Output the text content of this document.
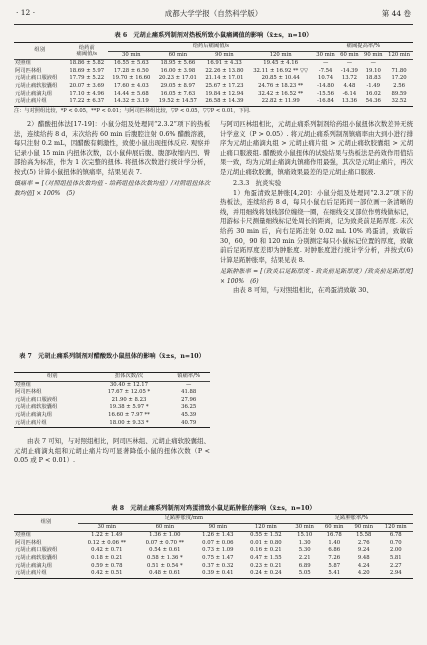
· 12 ·	成都大学学报（自然科学版）	第 44 卷
表 6　元胡止痛系列制剂对热板所致小鼠痛阈值的影响（x̄±s，n=10）
组别	给药前
痛阈值/s	给药后痛阈值/s				痛阈提高率/%			
		30 min	60 min	90 min	120 min	30 min	60 min	90 min	120 min
对照组	18.86 ± 5.82	16.55 ± 5.63	18.95 ± 5.66	16.91 ± 4.33	19.45 ± 4.16	—	—	—	
阿司匹林组	18.69 ± 5.97	17.28 ± 6.50	16.00 ± 3.98	22.26 ± 13.80	32.11 ± 16.92 ** ▽▽	-7.54	-14.39	19.10	71.80
元胡止痛口服液组	17.79 ± 5.22	19.70 ± 16.60	20.23 ± 17.01	21.14 ± 17.01	20.85 ± 10.44	10.74	13.72	18.83	17.20
元胡止痛软胶囊组	20.07 ± 3.69	17.60 ± 4.03	29.05 ± 8.97	25.67 ± 17.23	24.76 ± 18.23 **	-14.80	4.48	-1.49	2.56
元胡止痛滴丸组	17.10 ± 4.96	14.44 ± 5.68	16.05 ± 7.63	19.84 ± 12.94	32.42 ± 16.52 **	-15.56	-6.14	16.02	89.59
元胡止痛片组	17.22 ± 6.37	14.32 ± 3.19	19.52 ± 14.57	26.58 ± 14.39	22.82 ± 11.99	-16.84	13.36	54.36	32.52
注：与对照组比较，*P < 0.05，**P < 0.01；与阿司匹林组比较，▽P < 0.05，▽▽P < 0.01，下同.

2）醋酸扭体法[17-19]：小鼠分组及处理同“2.3.2”项下的热板法，连续给药 8 d，末次给药 60 min 后腹腔注射 0.6% 醋酸溶液，每只注射 0.2 mL，因醋酸有刺激性，致使小鼠出现扭体反应. 观察并记录小鼠 15 min 内扭体次数，以小鼠伸展后腹、腹部收缩内凹、臀部抬高为标准，作为 1 次完整的扭体. 将扭体次数进行统计学分析，按式(5) 计算小鼠扭体的镇痛率，结果见表 7.

镇痛率 = [（对照组扭体次数均值 - 给药组扭体次数均值）/对照组扭体次数均值] × 100%　(5)

表 7　元胡止痛系列制剂对醋酸致小鼠扭体的影响（x̄±s，n=10）
组别	扭体次数/次	镇痛率/%
对照组	30.40 ± 12.17	—
阿司匹林组	17.67 ± 12.05 *	41.88
元胡止痛口服液组	21.90 ± 8.23	27.96
元胡止痛软胶囊组	19.38 ± 5.97 *	36.25
元胡止痛滴丸组	16.60 ± 7.97 **	45.39
元胡止痛片组	18.00 ± 9.33 *	40.79

由表 7 可知，与对照组相比，阿司匹林组、元胡止痛软胶囊组、元胡止痛滴丸组和元胡止痛片均可显著降低小鼠的扭体次数（P < 0.05 或 P < 0.01）.

与阿司匹林组相比，元胡止痛系列制剂给药组小鼠扭体次数差异无统计学意义（P > 0.05）. 将元胡止痛系列制剂镇痛率由大到小进行排序为元胡止痛滴丸组 > 元胡止痛片组 > 元胡止痛软胶囊组 > 元胡止痛口服液组. 醋酸致小鼠扭体的试验结果与热板法是药效作用值结果一致，均为元胡止痛滴丸镇痛作用最强，其次是元胡止痛片，再次是元胡止痛软胶囊，镇痛效果最差的是元胡止痛口服液.

2.3.3　抗炎实验

1）角蛋清致足肿胀[4,20]：小鼠分组及处理同“2.3.2”项下的热板法，连续给药 8 d，每只小鼠右后足跖间一部位画一条清晰的线，并用细线将划线部位缠绕一圈，在细线交叉部位作剪线做标记，用游标卡尺测量细线标记处周长的距离，记为致炎前足跖厚度. 末次给药 30 min 后，向右足跖注射 0.02 mL 10% 鸡蛋清，致敏后 30，60，90 和 120 min 分别测定每只小鼠标记位置的厚度，致敏前后足跖厚度差即为肿胀度. 对肿胀度进行统计学分析，并按式(6) 计算足跖肿胀率，结果见表 8.

足跖肿胀率 = [（致炎后足跖厚度 - 致炎前足跖厚度）/致炎前足跖厚度] × 100%　(6)

由表 8 可知，与对照组相比，在鸡蛋清致敏 30、

表 8　元胡止痛系列制剂对鸡蛋清致小鼠足跖肿胀的影响（x̄±s，n=10）
组别	足跖肿胀度/mm				足跖肿胀率/%			
	30 min	60 min	90 min	120 min	30 min	60 min	90 min	120 min
对照组	1.22 ± 1.49	1.36 ± 1.00	1.26 ± 1.43	0.55 ± 1.52	15.10	16.78	15.58	6.78
阿司匹林组	0.12 ± 0.06 **	0.07 ± 0.70 **	0.07 ± 0.06	0.01 ± 0.80	1.30	1.40	2.76	0.70
元胡止痛口服液组	0.42 ± 0.71	0.54 ± 0.61	0.73 ± 1.09	0.16 ± 0.21	5.30	6.86	9.24	2.00
元胡止痛软胶囊组	0.18 ± 0.21	0.58 ± 1.36 *	0.75 ± 1.47	0.47 ± 1.55	2.21	7.26	9.48	5.81
元胡止痛滴丸组	0.59 ± 0.78	0.51 ± 0.54 *	0.37 ± 0.32	0.23 ± 0.21	6.89	5.87	4.24	2.27
元胡止痛片组	0.42 ± 0.51	0.48 ± 0.61	0.39 ± 0.41	0.24 ± 0.24	5.05	5.41	4.20	2.94
